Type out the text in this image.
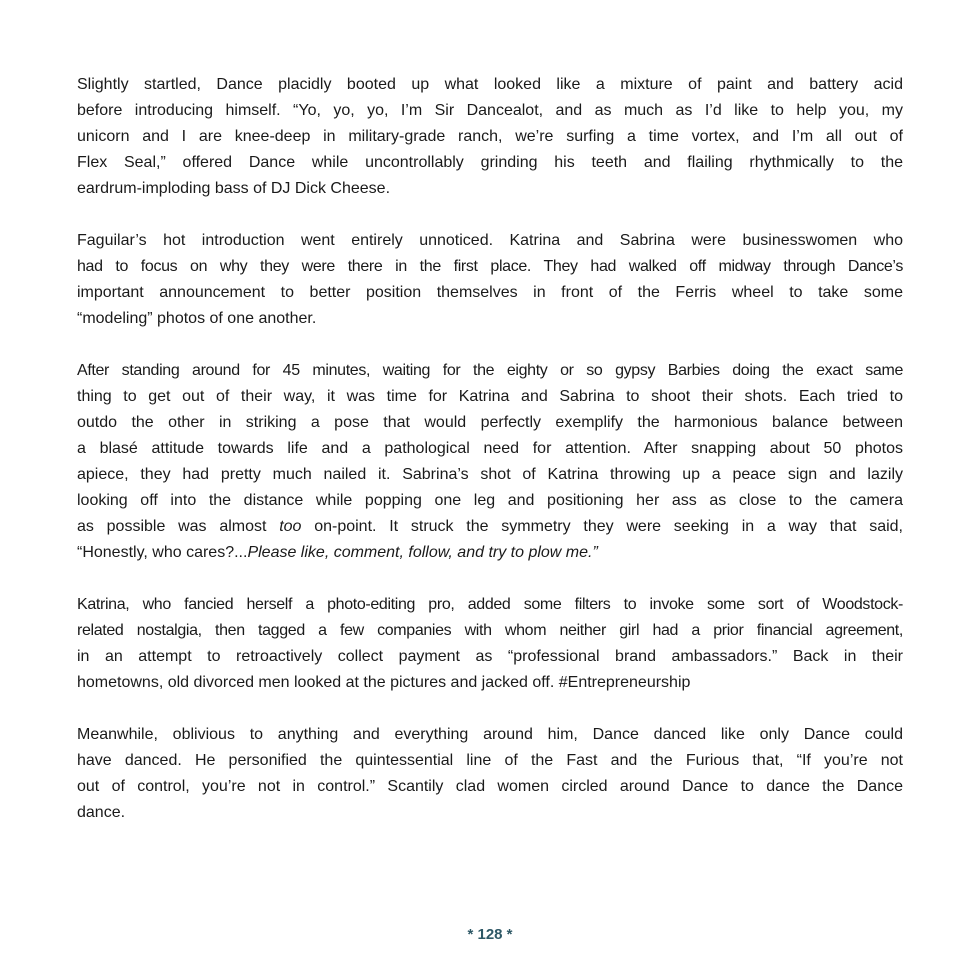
Slightly startled, Dance placidly booted up what looked like a mixture of paint and battery acid
before introducing himself. “Yo, yo, yo, I’m Sir Dancealot, and as much as I’d like to help you, my
unicorn and I are knee-deep in military-grade ranch, we’re surfing a time vortex, and I’m all out of
Flex Seal,” offered Dance while uncontrollably grinding his teeth and flailing rhythmically to the
eardrum-imploding bass of DJ Dick Cheese.

Faguilar’s hot introduction went entirely unnoticed. Katrina and Sabrina were businesswomen who
had to focus on why they were there in the first place. They had walked off midway through Dance’s
important announcement to better position themselves in front of the Ferris wheel to take some
“modeling” photos of one another.

After standing around for 45 minutes, waiting for the eighty or so gypsy Barbies doing the exact same
thing to get out of their way, it was time for Katrina and Sabrina to shoot their shots. Each tried to
outdo the other in striking a pose that would perfectly exemplify the harmonious balance between
a blasé attitude towards life and a pathological need for attention. After snapping about 50 photos
apiece, they had pretty much nailed it. Sabrina’s shot of Katrina throwing up a peace sign and lazily
looking off into the distance while popping one leg and positioning her ass as close to the camera
as possible was almost too on-point. It struck the symmetry they were seeking in a way that said,
“Honestly, who cares?...Please like, comment, follow, and try to plow me.”

Katrina, who fancied herself a photo-editing pro, added some filters to invoke some sort of Woodstock-
related nostalgia, then tagged a few companies with whom neither girl had a prior financial agreement,
in an attempt to retroactively collect payment as “professional brand ambassadors.” Back in their
hometowns, old divorced men looked at the pictures and jacked off. #Entrepreneurship

Meanwhile, oblivious to anything and everything around him, Dance danced like only Dance could
have danced. He personified the quintessential line of the Fast and the Furious that, “If you’re not
out of control, you’re not in control.” Scantily clad women circled around Dance to dance the Dance
dance.

* 128 *
